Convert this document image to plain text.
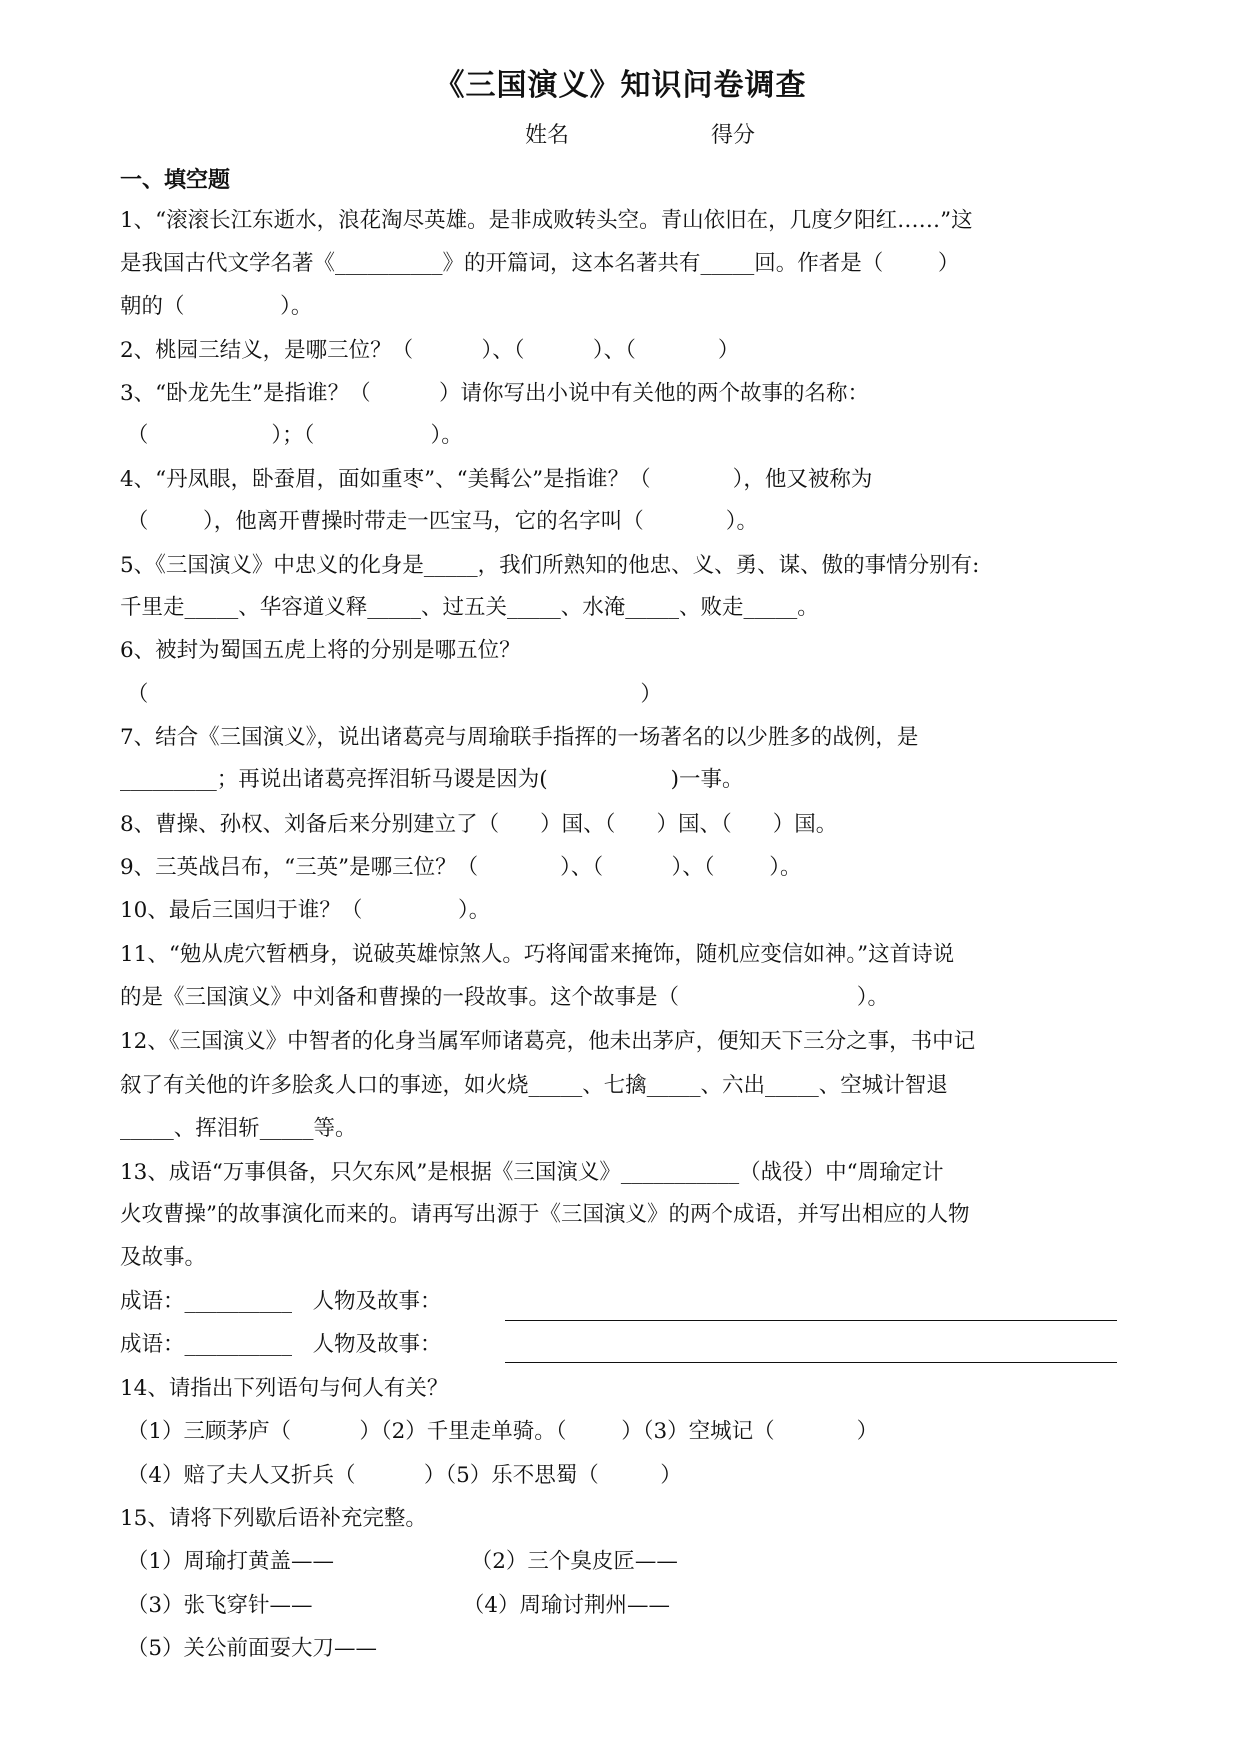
《三国演义》知识问卷调查
姓名	得分
一、填空题
1、“滚滚长江东逝水，浪花淘尽英雄。是非成败转头空。青山依旧在，几度夕阳红……”这
是我国古代文学名著《__________》的开篇词，这本名著共有_____回。作者是（        ）
朝的（              ）。
2、桃园三结义，是哪三位？（          ）、（          ）、（            ）
3、“卧龙先生”是指谁？（          ）请你写出小说中有关他的两个故事的名称：
（                  ）；（                 ）。
4、“丹凤眼，卧蚕眉，面如重枣”、“美髯公”是指谁？（            ），他又被称为
（        ），他离开曹操时带走一匹宝马，它的名字叫（            ）。
5、《三国演义》中忠义的化身是_____，我们所熟知的他忠、义、勇、谋、傲的事情分别有:
千里走_____、华容道义释_____、过五关_____、水淹_____、败走_____。
6、被封为蜀国五虎上将的分别是哪五位？
（                                                                        ）
7、结合《三国演义》，说出诸葛亮与周瑜联手指挥的一场著名的以少胜多的战例，是
_________；再说出诸葛亮挥泪斩马谡是因为(                  )一事。
8、曹操、孙权、刘备后来分别建立了（      ）国、（      ）国、（      ）国。
9、三英战吕布，“三英”是哪三位？（            ）、（          ）、（        ）。
10、最后三国归于谁？（              ）。
11、“勉从虎穴暂栖身，说破英雄惊煞人。巧将闻雷来掩饰，随机应变信如神。”这首诗说
的是《三国演义》中刘备和曹操的一段故事。这个故事是（                          ）。
12、《三国演义》中智者的化身当属军师诸葛亮，他未出茅庐，便知天下三分之事，书中记
叙了有关他的许多脍炙人口的事迹，如火烧_____、七擒_____、六出_____、空城计智退
_____、挥泪斩_____等。
13、成语“万事俱备，只欠东风”是根据《三国演义》___________（战役）中“周瑜定计
火攻曹操”的故事演化而来的。请再写出源于《三国演义》的两个成语，并写出相应的人物
及故事。
成语：__________   人物及故事：
成语：__________   人物及故事：
14、请指出下列语句与何人有关？
（1）三顾茅庐（          ）（2）千里走单骑。（        ）（3）空城记（            ）
（4）赔了夫人又折兵（          ）（5）乐不思蜀（         ）
15、请将下列歇后语补充完整。
（1）周瑜打黄盖——                    （2）三个臭皮匠——
（3）张飞穿针——                      （4）周瑜讨荆州——
（5）关公前面耍大刀——
